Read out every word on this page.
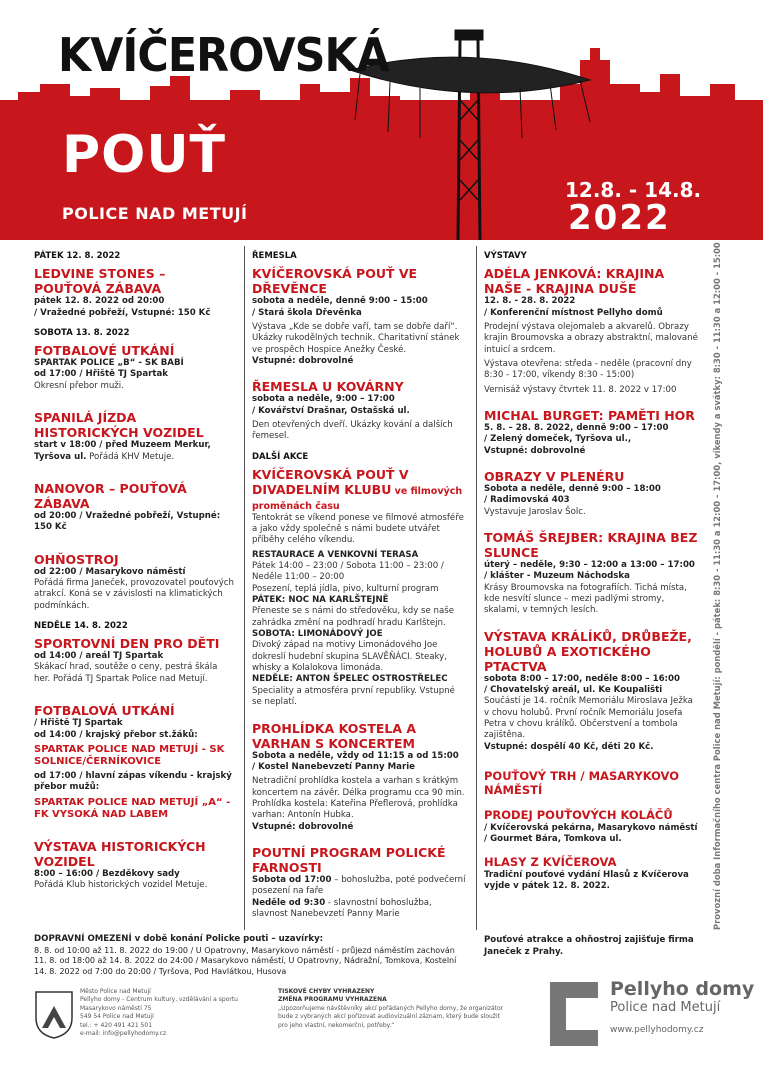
KVÍČEROVSKÁ
POUŤ
POLICE NAD METUJÍ
12.8. - 14.8.
2022
PÁTEK 12. 8. 2022
LEDVINE STONES – POUŤOVÁ ZÁBAVA
pátek 12. 8. 2022 od 20:00
/ Vražedné pobřeží, Vstupné: 150 Kč
SOBOTA 13. 8. 2022
FOTBALOVÉ UTKÁNÍ
SPARTAK POLICE „B“ - SK BABÍ
od 17:00 / Hřiště TJ Spartak
Okresní přebor muži.
SPANILÁ JÍZDA HISTORICKÝCH VOZIDEL
start v 18:00 / před Muzeem Merkur, Tyršova ul. Pořádá KHV Metuje.
NANOVOR – POUŤOVÁ ZÁBAVA
od 20:00 / Vražedné pobřeží, Vstupné: 150 Kč
OHŇOSTROJ
od 22:00 / Masarykovo náměstí
Pořádá firma Janeček, provozovatel pouťových atrakcí. Koná se v závislosti na klimatických podmínkách.
NEDĚLE 14. 8. 2022
SPORTOVNÍ DEN PRO DĚTI
od 14:00 / areál TJ Spartak
Skákací hrad, soutěže o ceny, pestrá škála her. Pořádá TJ Spartak Police nad Metují.
FOTBALOVÁ UTKÁNÍ
/ Hřiště TJ Spartak
od 14:00 / krajský přebor st.žáků:
SPARTAK POLICE NAD METUJÍ - SK SOLNICE/ČERNÍKOVICE
od 17:00 / hlavní zápas víkendu - krajský přebor mužů:
SPARTAK POLICE NAD METUJÍ „A“ - FK VYSOKÁ NAD LABEM
VÝSTAVA HISTORICKÝCH VOZIDEL
8:00 – 16:00 / Bezděkovy sady
Pořádá Klub historických vozidel Metuje.
ŘEMESLA
KVÍČEROVSKÁ POUŤ VE DŘEVĚNCE
sobota a neděle, denně 9:00 – 15:00
/ Stará škola Dřevěnka
Výstava „Kde se dobře vaří, tam se dobře daří“. Ukázky rukodělných technik. Charitativní stánek ve prospěch Hospice Anežky České.
Vstupné: dobrovolné
ŘEMESLA U KOVÁRNY
sobota a neděle, 9:00 – 17:00
/ Kovářství Drašnar, Ostašská ul.
Den otevřených dveří. Ukázky kování a dalších řemesel.
DALŠÍ AKCE
KVÍČEROVSKÁ POUŤ V DIVADELNÍM KLUBU ve filmových proměnách času
Tentokrát se víkend ponese ve filmové atmosféře a jako vždy společně s námi budete utvářet příběhy celého víkendu.
RESTAURACE A VENKOVNÍ TERASA
Pátek 14:00 – 23:00 / Sobota 11:00 – 23:00 / Neděle 11:00 – 20:00
Posezení, teplá jídla, pivo, kulturní program
PÁTEK: NOC NA KARLŠTEJNĚ
Přeneste se s námi do středověku, kdy se naše zahrádka změní na podhradí hradu Karlštejn.
SOBOTA: LIMONÁDOVÝ JOE
Divoký západ na motivy Limonádového Joe dokreslí hudební skupina SLAVĚŇÁCI. Steaky, whisky a Kolalokova limonáda.
NEDĚLE: ANTON ŠPELEC OSTROSTŘELEC
Speciality a atmosféra první republiky. Vstupné se neplatí.
PROHLÍDKA KOSTELA A VARHAN S KONCERTEM
Sobota a neděle, vždy od 11:15 a od 15:00
/ Kostel Nanebevzetí Panny Marie
Netradiční prohlídka kostela a varhan s krátkým koncertem na závěr. Délka programu cca 90 min. Prohlídka kostela: Kateřina Přeflerová, prohlídka varhan: Antonín Hubka.
Vstupné: dobrovolné
POUTNÍ PROGRAM POLICKÉ FARNOSTI
Sobota od 17:00 – bohoslužba, poté podvečerní posezení na faře
Neděle od 9:30 - slavnostní bohoslužba, slavnost Nanebevzetí Panny Marie
VÝSTAVY
ADÉLA JENKOVÁ: KRAJINA NAŠE - KRAJINA DUŠE
12. 8. - 28. 8. 2022
/ Konferenční místnost Pellyho domů
Prodejní výstava olejomaleb a akvarelů. Obrazy krajin Broumovska a obrazy abstraktní, malované intuicí a srdcem.
Výstava otevřena: středa - neděle (pracovní dny 8:30 - 17:00, víkendy 8:30 - 15:00)
Vernisáž výstavy čtvrtek 11. 8. 2022 v 17:00
MICHAL BURGET: PAMĚTI HOR
5. 8. – 28. 8. 2022, denně 9:00 – 17:00
/ Zelený domeček, Tyršova ul.,
Vstupné: dobrovolné
OBRAZY V PLENÉRU
Sobota a neděle, denně 9:00 – 18:00
/ Radimovská 403
Vystavuje Jaroslav Šolc.
TOMÁŠ ŠREJBER: KRAJINA BEZ SLUNCE
úterý – neděle, 9:30 – 12:00 a 13:00 – 17:00
/ klášter - Muzeum Náchodska
Krásy Broumovska na fotografiích. Tichá místa, kde nesvítí slunce – mezi padlými stromy, skalami, v temných lesích.
VÝSTAVA KRÁLÍKŮ, DRŮBEŽE, HOLUBŮ A EXOTICKÉHO PTACTVA
sobota 8:00 – 17:00, neděle 8:00 – 16:00
/ Chovatelský areál, ul. Ke Koupališti
Součástí je 14. ročník Memoriálu Miroslava Ježka v chovu holubů. První ročník Memoriálu Josefa Petra v chovu králíků. Občerstvení a tombola zajištěna.
Vstupné: dospělí 40 Kč, děti 20 Kč.
POUŤOVÝ TRH / MASARYKOVO NÁMĚSTÍ
PRODEJ POUŤOVÝCH KOLÁČŮ
/ Kvíčerovská pekárna, Masarykovo náměstí
/ Gourmet Bára, Tomkova ul.
HLASY Z KVÍČEROVA
Tradiční pouťové vydání Hlasů z Kvíčerova vyjde v pátek 12. 8. 2022.	Provozní doba Informačního centra Police nad Metují: pondělí - pátek: 8:30 - 11:30 a 12:00 - 17:00, víkendy a svátky: 8:30 - 11:30 a 12:00 - 15:00
DOPRAVNÍ OMEZENÍ v době konání Policke pouti – uzavírky:
8. 8. od 10:00 až 11. 8. 2022 do 19:00 / U Opatrovny, Masarykovo náměstí - průjezd náměstím zachován
11. 8. od 18:00 až 14. 8. 2022 do 24:00 / Masarykovo náměstí, U Opatrovny, Nádražní, Tomkova, Kostelní
14. 8. 2022 od 7:00 do 20:00 / Tyršova, Pod Havlátkou, Husova
Pouťové atrakce a ohňostroj zajišťuje firma Janeček z Prahy.
Město Police nad Metují
Pellyho domy - Centrum kultury, vzdělávání a sportu
Masarykovo náměstí 75
549 54 Police nad Metují
tel.: + 420 491 421 501
e-mail: info@pellyhodomy.cz
TISKOVÉ CHYBY VYHRAZENY
ZMĚNA PROGRAMU VYHRAZENA
„Upozorňujeme návštěvníky akcí pořádaných Pellyho domy, že organizátor bude z vybraných akcí pořizovat audiovizuální záznam, který bude sloužit pro jeho vlastní, nekomerční, potřeby.“
Pellyho domy
Police nad Metují
www.pellyhodomy.cz
